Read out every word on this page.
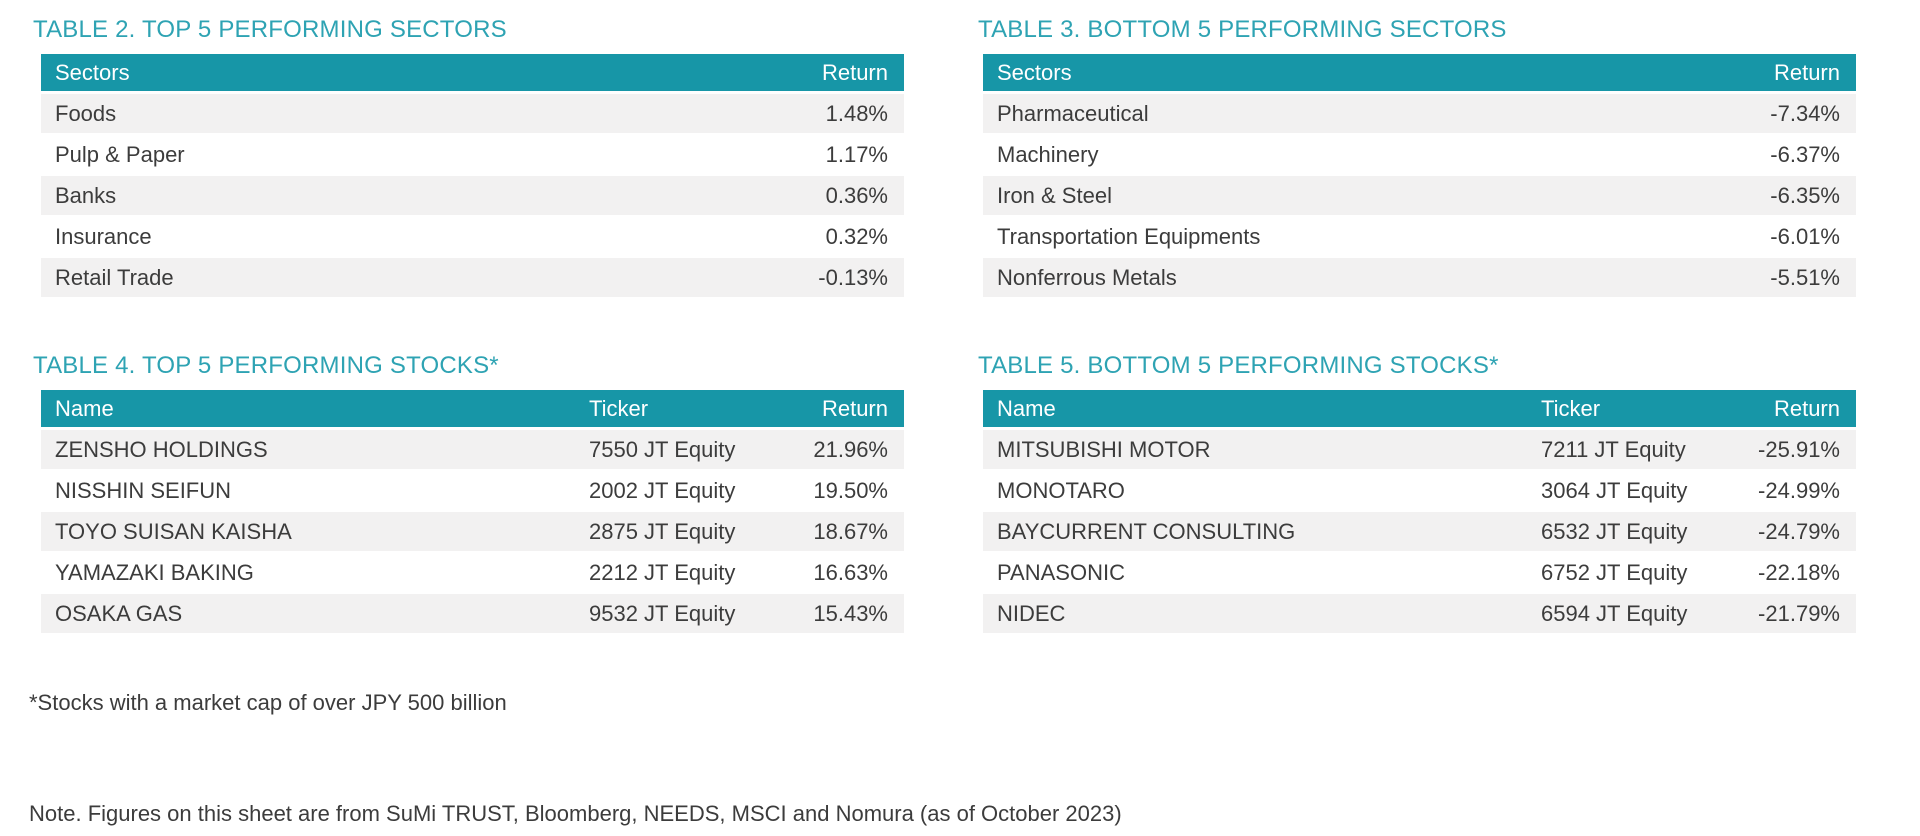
TABLE 2. TOP 5 PERFORMING SECTORS
Sectors	Return
Foods	1.48%
Pulp & Paper	1.17%
Banks	0.36%
Insurance	0.32%
Retail Trade	-0.13%
TABLE 3. BOTTOM 5 PERFORMING SECTORS
Sectors	Return
Pharmaceutical	-7.34%
Machinery	-6.37%
Iron & Steel	-6.35%
Transportation Equipments	-6.01%
Nonferrous Metals	-5.51%
TABLE 4. TOP 5 PERFORMING STOCKS*
Name	Ticker	Return
ZENSHO HOLDINGS	7550 JT Equity	21.96%
NISSHIN SEIFUN	2002 JT Equity	19.50%
TOYO SUISAN KAISHA	2875 JT Equity	18.67%
YAMAZAKI BAKING	2212 JT Equity	16.63%
OSAKA GAS	9532 JT Equity	15.43%
TABLE 5. BOTTOM 5 PERFORMING STOCKS*
Name	Ticker	Return
MITSUBISHI MOTOR	7211 JT Equity	-25.91%
MONOTARO	3064 JT Equity	-24.99%
BAYCURRENT CONSULTING	6532 JT Equity	-24.79%
PANASONIC	6752 JT Equity	-22.18%
NIDEC	6594 JT Equity	-21.79%
*Stocks with a market cap of over JPY 500 billion
Note. Figures on this sheet are from SuMi TRUST, Bloomberg, NEEDS, MSCI and Nomura (as of October 2023)
